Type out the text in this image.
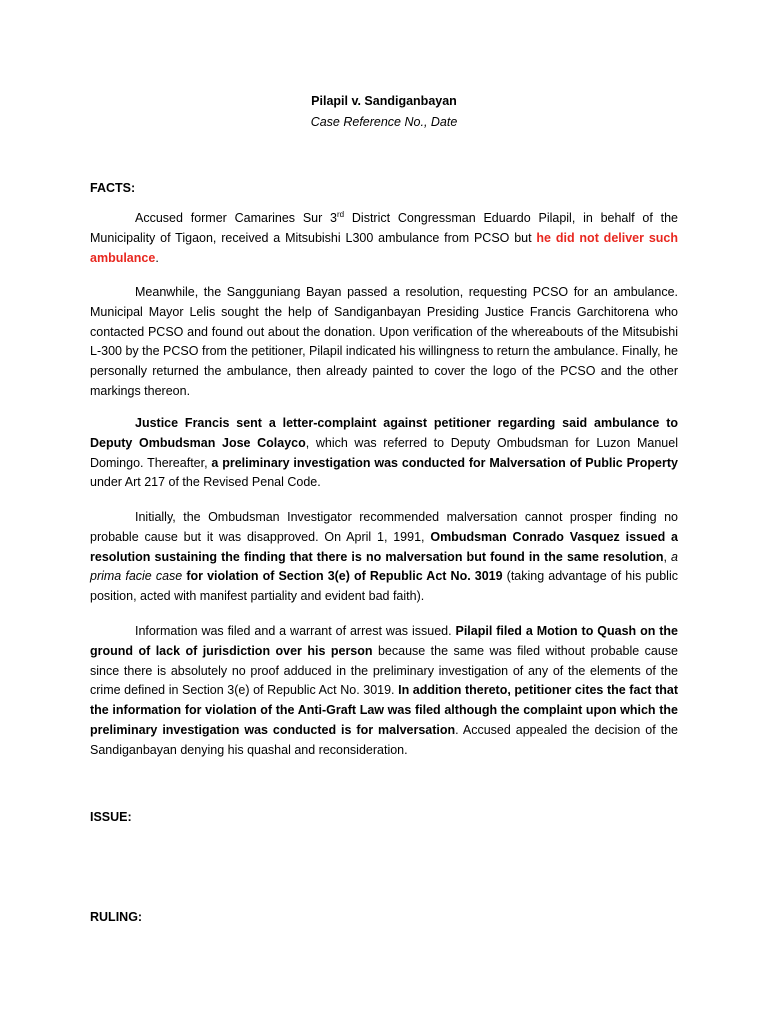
Pilapil v. Sandiganbayan
Case Reference No., Date
FACTS:

Accused former Camarines Sur 3rd District Congressman Eduardo Pilapil, in behalf of the Municipality of Tigaon, received a Mitsubishi L300 ambulance from PCSO but he did not deliver such ambulance.

Meanwhile, the Sangguniang Bayan passed a resolution, requesting PCSO for an ambulance. Municipal Mayor Lelis sought the help of Sandiganbayan Presiding Justice Francis Garchitorena who contacted PCSO and found out about the donation. Upon verification of the whereabouts of the Mitsubishi L-300 by the PCSO from the petitioner, Pilapil indicated his willingness to return the ambulance. Finally, he personally returned the ambulance, then already painted to cover the logo of the PCSO and the other markings thereon.

Justice Francis sent a letter-complaint against petitioner regarding said ambulance to Deputy Ombudsman Jose Colayco, which was referred to Deputy Ombudsman for Luzon Manuel Domingo. Thereafter, a preliminary investigation was conducted for Malversation of Public Property under Art 217 of the Revised Penal Code.

Initially, the Ombudsman Investigator recommended malversation cannot prosper finding no probable cause but it was disapproved. On April 1, 1991, Ombudsman Conrado Vasquez issued a resolution sustaining the finding that there is no malversation but found in the same resolution, a prima facie case for violation of Section 3(e) of Republic Act No. 3019 (taking advantage of his public position, acted with manifest partiality and evident bad faith).

Information was filed and a warrant of arrest was issued. Pilapil filed a Motion to Quash on the ground of lack of jurisdiction over his person because the same was filed without probable cause since there is absolutely no proof adduced in the preliminary investigation of any of the elements of the crime defined in Section 3(e) of Republic Act No. 3019. In addition thereto, petitioner cites the fact that the information for violation of the Anti-Graft Law was filed although the complaint upon which the preliminary investigation was conducted is for malversation. Accused appealed the decision of the Sandiganbayan denying his quashal and reconsideration.

ISSUE:
RULING:
